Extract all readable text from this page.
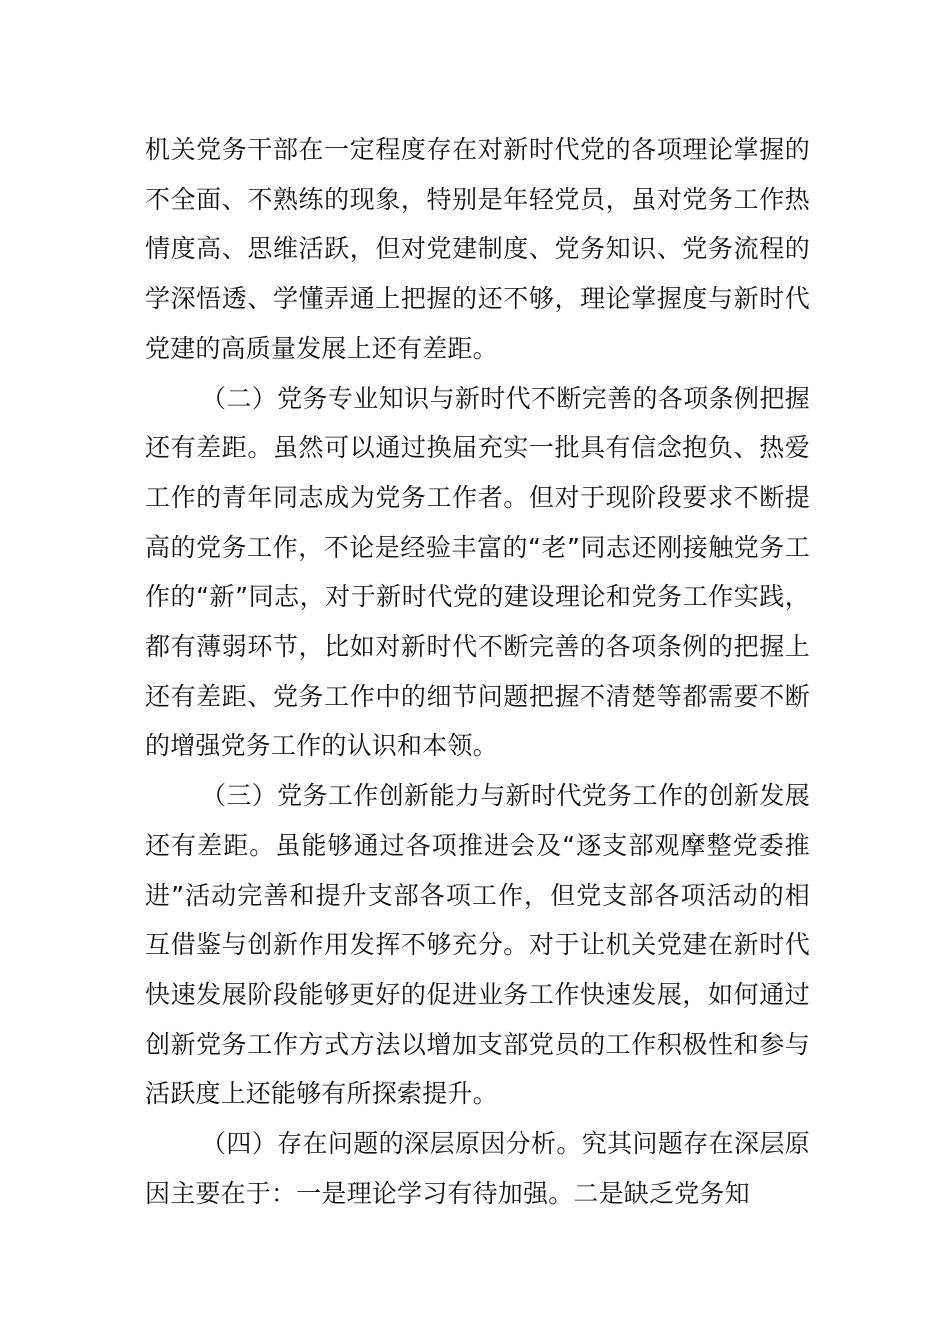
机关党务干部在一定程度存在对新时代党的各项理论掌握的不全面、不熟练的现象，特别是年轻党员，虽对党务工作热情度高、思维活跃，但对党建制度、党务知识、党务流程的学深悟透、学懂弄通上把握的还不够，理论掌握度与新时代党建的高质量发展上还有差距。

（二）党务专业知识与新时代不断完善的各项条例把握还有差距。虽然可以通过换届充实一批具有信念抱负、热爱工作的青年同志成为党务工作者。但对于现阶段要求不断提高的党务工作，不论是经验丰富的“老”同志还刚接触党务工作的“新”同志，对于新时代党的建设理论和党务工作实践，都有薄弱环节，比如对新时代不断完善的各项条例的把握上还有差距、党务工作中的细节问题把握不清楚等都需要不断的增强党务工作的认识和本领。

（三）党务工作创新能力与新时代党务工作的创新发展还有差距。虽能够通过各项推进会及“逐支部观摩整党委推进”活动完善和提升支部各项工作，但党支部各项活动的相互借鉴与创新作用发挥不够充分。对于让机关党建在新时代快速发展阶段能够更好的促进业务工作快速发展，如何通过创新党务工作方式方法以增加支部党员的工作积极性和参与活跃度上还能够有所探索提升。

（四）存在问题的深层原因分析。究其问题存在深层原因主要在于：一是理论学习有待加强。二是缺乏党务知
